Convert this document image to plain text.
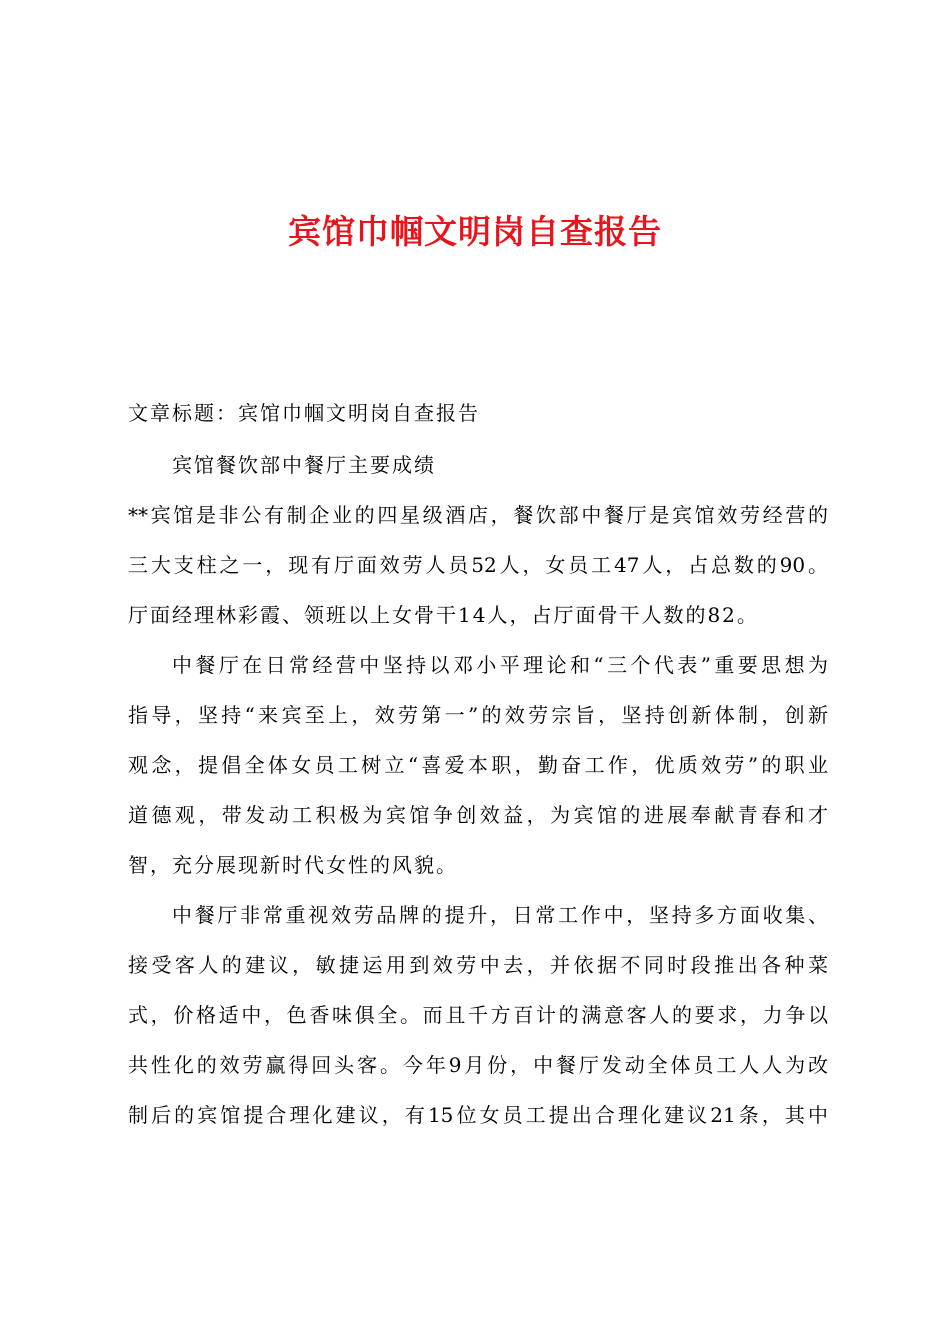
宾馆巾帼文明岗自查报告
文章标题：宾馆巾帼文明岗自查报告
宾馆餐饮部中餐厅主要成绩
**宾馆是非公有制企业的四星级酒店，餐饮部中餐厅是宾馆效劳经营的
三大支柱之一，现有厅面效劳人员52人，女员工47人，占总数的90。
厅面经理林彩霞、领班以上女骨干14人，占厅面骨干人数的82。
中餐厅在日常经营中坚持以邓小平理论和“三个代表”重要思想为
指导，坚持“来宾至上，效劳第一”的效劳宗旨，坚持创新体制，创新
观念，提倡全体女员工树立“喜爱本职，勤奋工作，优质效劳”的职业
道德观，带发动工积极为宾馆争创效益，为宾馆的进展奉献青春和才
智，充分展现新时代女性的风貌。
中餐厅非常重视效劳品牌的提升，日常工作中，坚持多方面收集、
接受客人的建议，敏捷运用到效劳中去，并依据不同时段推出各种菜
式，价格适中，色香味俱全。而且千方百计的满意客人的要求，力争以
共性化的效劳赢得回头客。今年9月份，中餐厅发动全体员工人人为改
制后的宾馆提合理化建议，有15位女员工提出合理化建议21条，其中
